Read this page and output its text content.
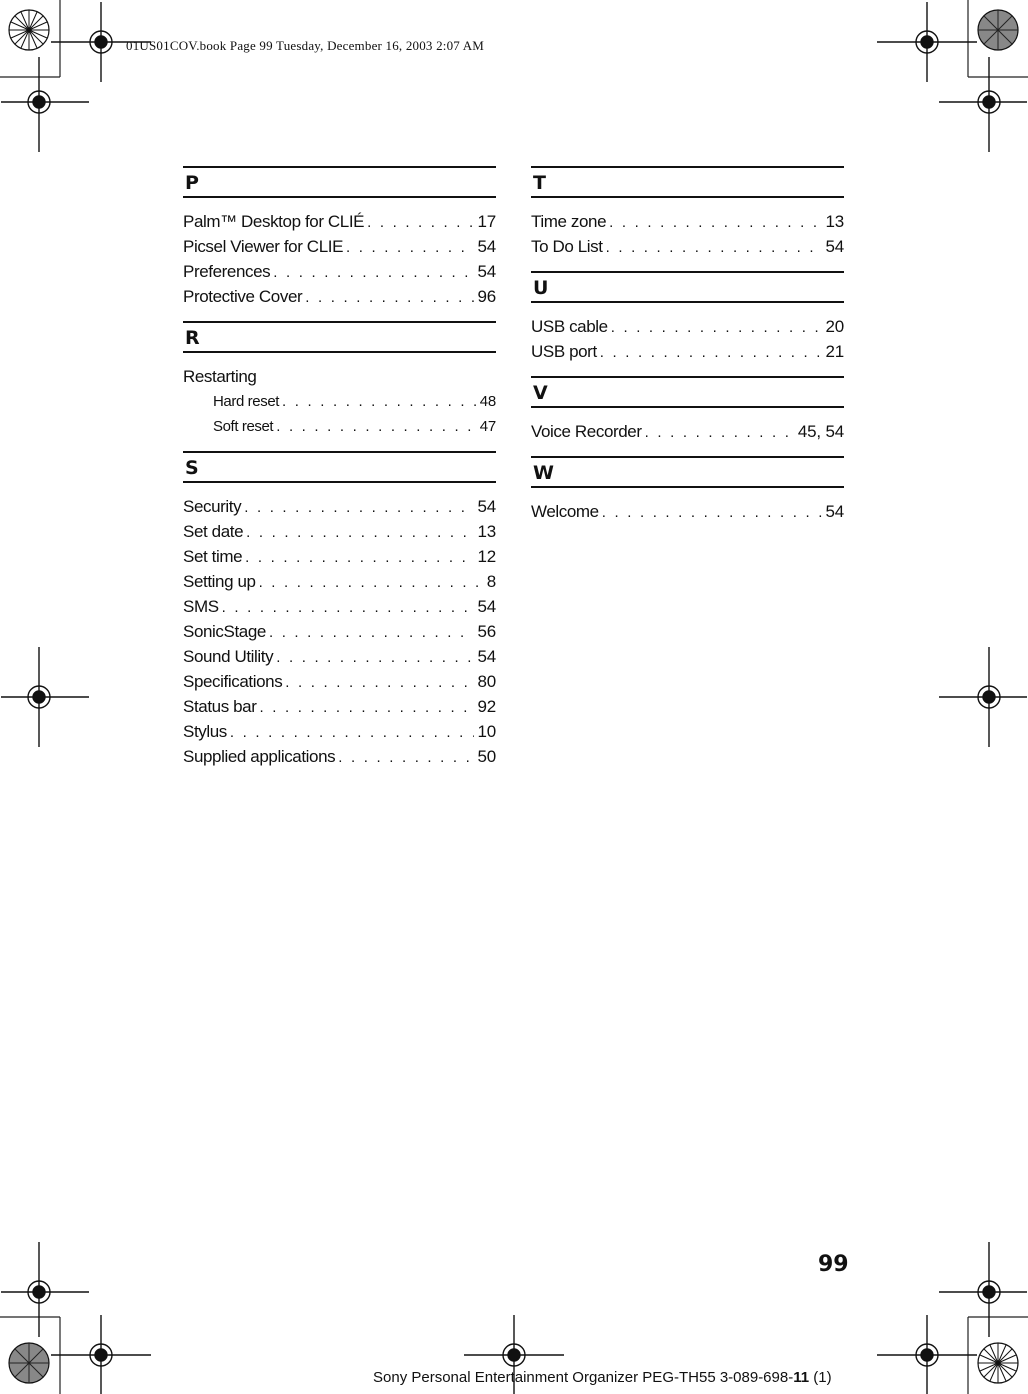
01US01COV.book Page 99 Tuesday, December 16, 2003 2:07 AM
P
Palm™ Desktop for CLIÉ . . .	17
Picsel Viewer for CLIE . . .	54
Preferences . . .	54
Protective Cover . . .	96
R
Restarting
Hard reset . . .	48
Soft reset . . .	47
S
Security . . .	54
Set date . . .	13
Set time . . .	12
Setting up . . .	8
SMS . . .	54
SonicStage . . .	56
Sound Utility . . .	54
Specifications . . .	80
Status bar . . .	92
Stylus . . .	10
Supplied applications . . .	50
T
Time zone . . .	13
To Do List . . .	54
U
USB cable . . .	20
USB port . . .	21
V
Voice Recorder . . .	45, 54
W
Welcome . . .	54
99
Sony Personal Entertainment Organizer PEG-TH55 3-089-698-11 (1)
